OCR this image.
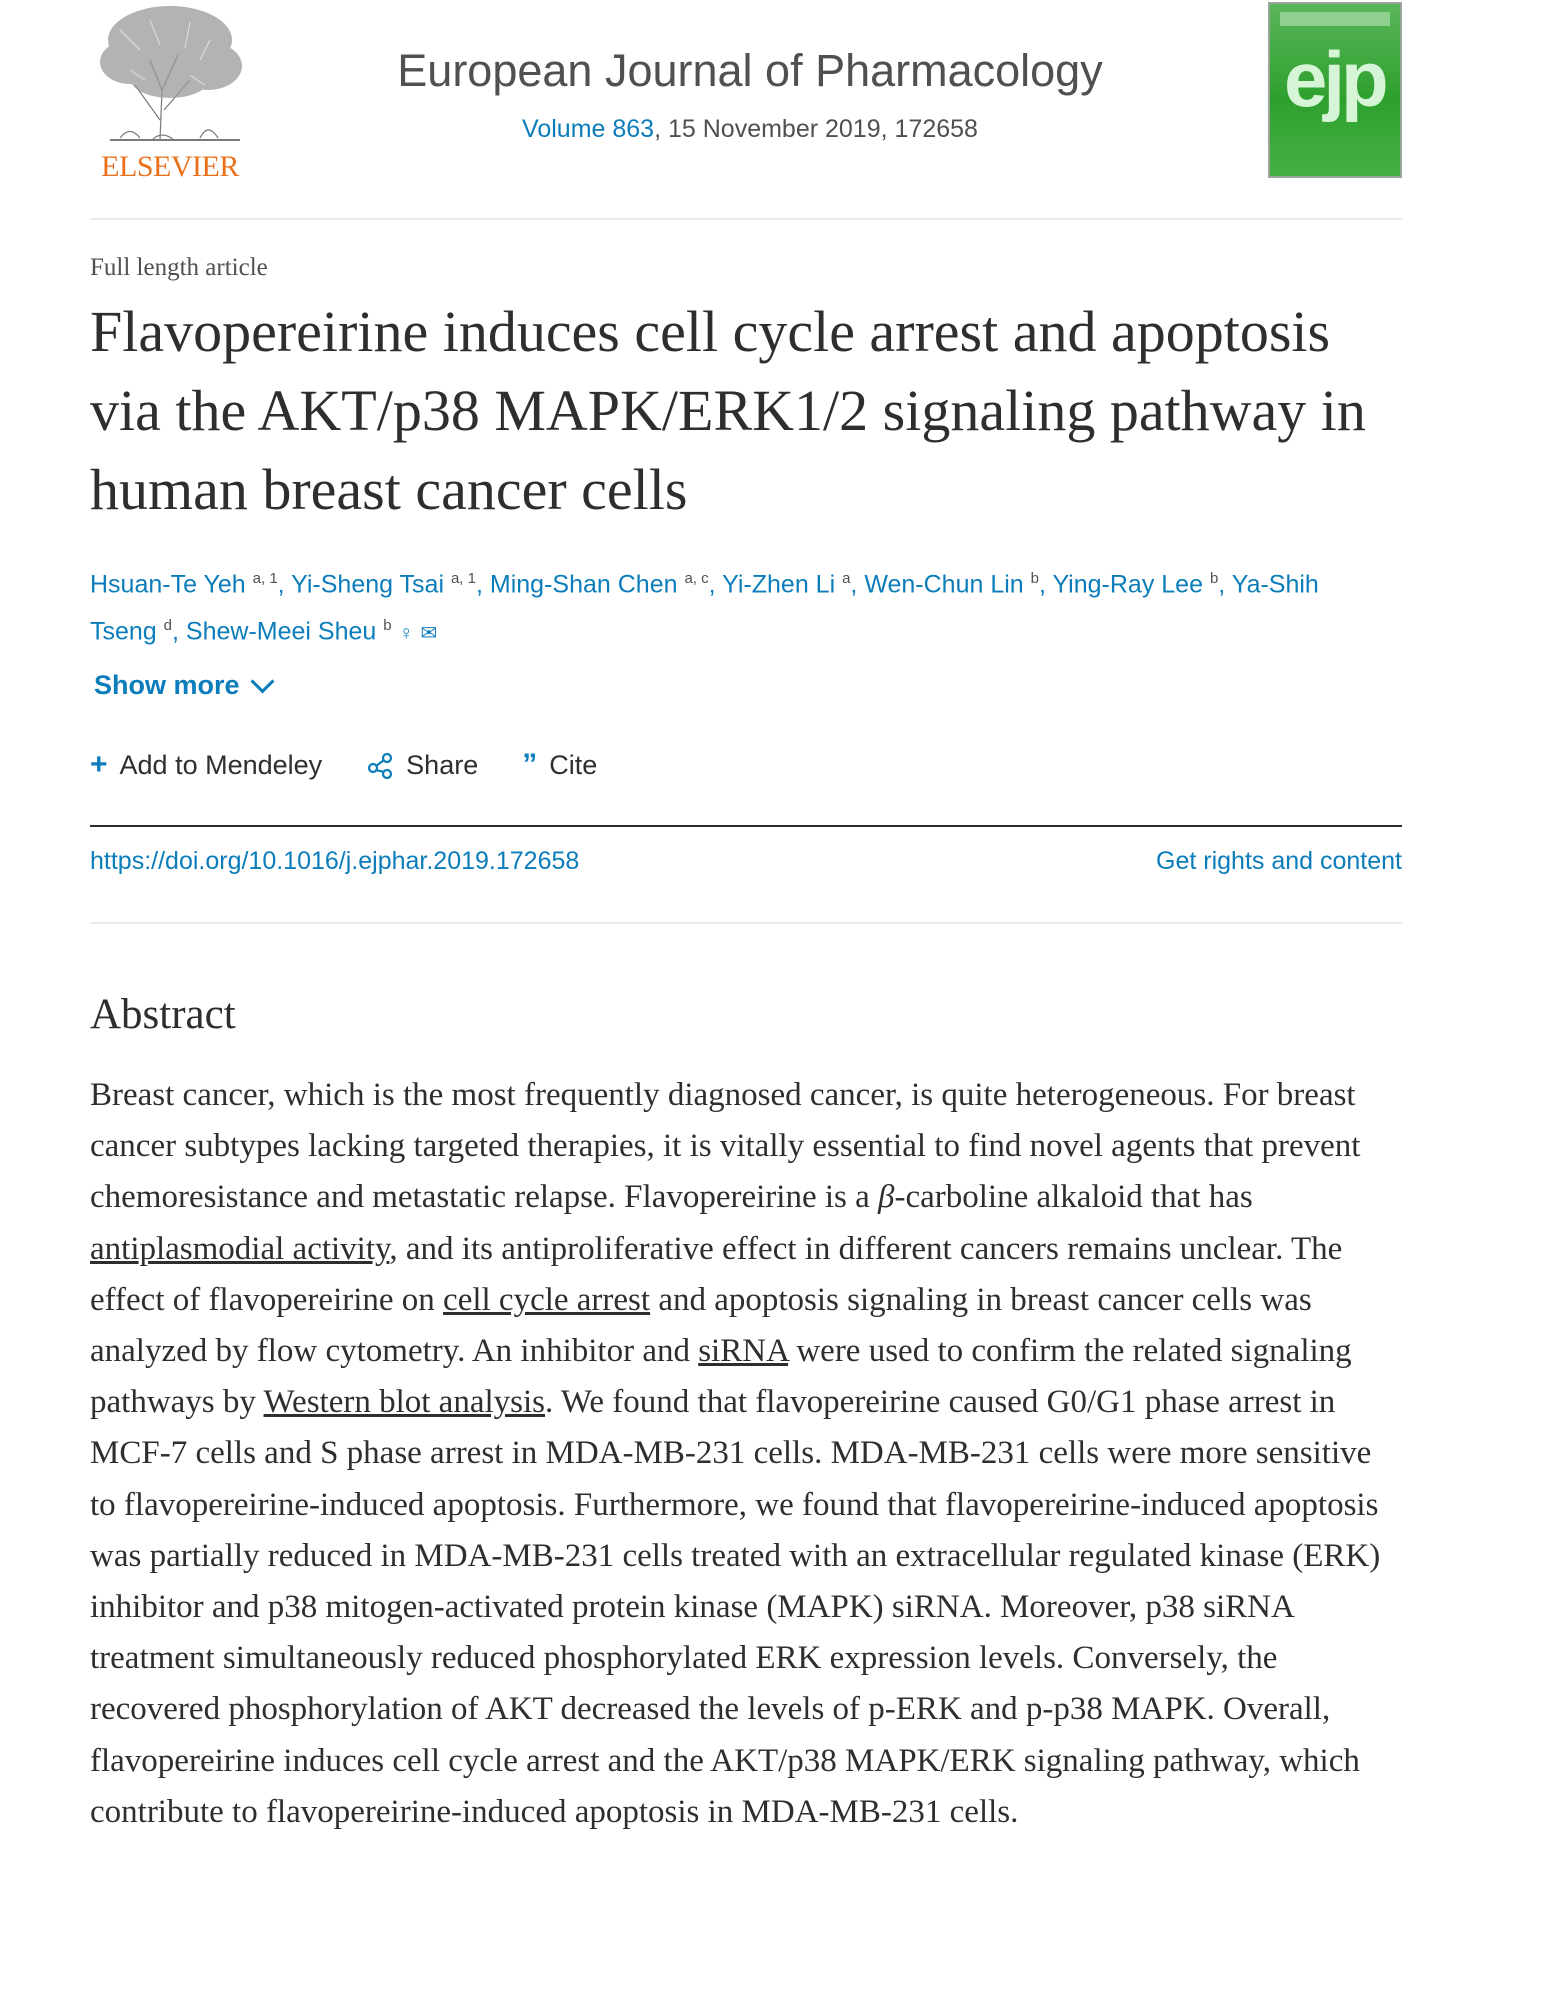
ELSEVIER
European Journal of Pharmacology
Volume 863, 15 November 2019, 172658
ejp
Full length article
Flavopereirine induces cell cycle arrest and apoptosis via the AKT/p38 MAPK/ERK1/2 signaling pathway in human breast cancer cells
Hsuan-Te Yeh $^{a, 1}$, Yi-Sheng Tsai $^{a, 1}$, Ming-Shan Chen $^{a, c}$, Yi-Zhen Li $^a$, Wen-Chun Lin $^b$, Ying-Ray Lee $^b$, Ya-Shih Tseng $^d$, Shew-Meei Sheu $^b$ ♀ ✉
Show more
+ Add to Mendeley	Share ” Cite
https://doi.org/10.1016/j.ejphar.2019.172658	Get rights and content
Abstract
Breast cancer, which is the most frequently diagnosed cancer, is quite heterogeneous. For breast cancer subtypes lacking targeted therapies, it is vitally essential to find novel agents that prevent chemoresistance and metastatic relapse. Flavopereirine is a β-carboline alkaloid that has antiplasmodial activity, and its antiproliferative effect in different cancers remains unclear. The effect of flavopereirine on cell cycle arrest and apoptosis signaling in breast cancer cells was analyzed by flow cytometry. An inhibitor and siRNA were used to confirm the related signaling pathways by Western blot analysis. We found that flavopereirine caused G0/G1 phase arrest in MCF-7 cells and S phase arrest in MDA-MB-231 cells. MDA-MB-231 cells were more sensitive to flavopereirine-induced apoptosis. Furthermore, we found that flavopereirine-induced apoptosis was partially reduced in MDA-MB-231 cells treated with an extracellular regulated kinase (ERK) inhibitor and p38 mitogen-activated protein kinase (MAPK) siRNA. Moreover, p38 siRNA treatment simultaneously reduced phosphorylated ERK expression levels. Conversely, the recovered phosphorylation of AKT decreased the levels of p-ERK and p-p38 MAPK. Overall, flavopereirine induces cell cycle arrest and the AKT/p38 MAPK/ERK signaling pathway, which contribute to flavopereirine-induced apoptosis in MDA-MB-231 cells.
